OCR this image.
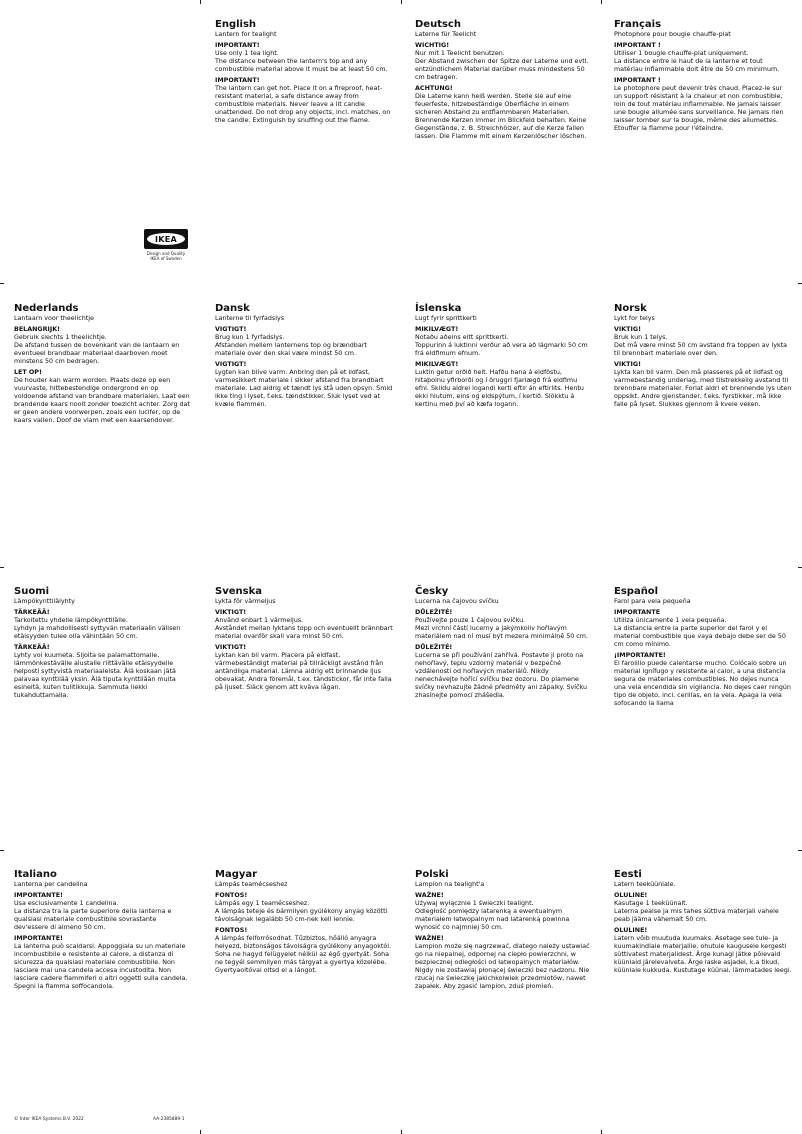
IKEA
Design and Quality
IKEA of Sweden
English
Lantern for tealight
IMPORTANT!
Use only 1 tea light.
The distance between the lantern's top and any combustible material above it must be at least 50 cm.
IMPORTANT!
The lantern can get hot. Place it on a fireproof, heat-resistant material, a safe distance away from combustible materials. Never leave a lit candle unattended. Do not drop any objects, incl. matches, on the candle. Extinguish by snuffing out the flame.
Deutsch
Laterne für Teelicht
WICHTIG!
Nur mit 1 Teelicht benutzen.
Der Abstand zwischen der Spitze der Laterne und evtl. entzündlichem Material darüber muss mindestens 50 cm betragen.
ACHTUNG!
Die Laterne kann heiß werden. Stelle sie auf eine feuerfeste, hitzebeständige Oberfläche in einem sicheren Abstand zu entflammbaren Materialien. Brennende Kerzen immer im Blickfeld behalten. Keine Gegenstände, z. B. Streichhölzer, auf die Kerze fallen lassen. Die Flamme mit einem Kerzenlöscher löschen.
Français
Photophore pour bougie chauffe-plat
IMPORTANT !
Utiliser 1 bougie chauffe-plat uniquement.
La distance entre le haut de la lanterne et tout matériau inflammable doit être de 50 cm minimum.
IMPORTANT !
Le photophore peut devenir très chaud. Placez-le sur un support résistant à la chaleur et non combustible, loin de tout matériau inflammable. Ne jamais laisser une bougie allumée sans surveillance. Ne jamais rien laisser tomber sur la bougie, même des allumettes. Etouffer la flamme pour l'éteindre.
Nederlands
Lantaarn voor theelichtje
BELANGRIJK!
Gebruik slechts 1 theelichtje.
De afstand tussen de bovenkant van de lantaarn en eventueel brandbaar materiaal daarboven moet minstens 50 cm bedragen.
LET OP!
De houder kan warm worden. Plaats deze op een vuurvaste, hittebestendige ondergrond en op voldoende afstand van brandbare materialen. Laat een brandende kaars nooit zonder toezicht achter. Zorg dat er geen andere voorwerpen, zoals een lucifer, op de kaars vallen. Doof de vlam met een kaarsendover.
Dansk
Lanterne til fyrfadslys
VIGTIGT!
Brug kun 1 fyrfadslys.
Afstanden mellem lanternens top og brændbart materiale over den skal være mindst 50 cm.
VIGTIGT!
Lygten kan blive varm. Anbring den på et ildfast, varmesikkert materiale i sikker afstand fra brandbart materiale. Lad aldrig et tændt lys stå uden opsyn. Smid ikke ting i lyset, f.eks. tændstikker. Sluk lyset ved at kvæle flammen.
Íslenska
Lugt fyrir sprittkerti
MIKILVÆGT!
Notaðu aðeins eitt sprittkerti.
Toppurinn á luktinni verður að vera að lágmarki 50 cm frá eldfimum efnum.
MIKILVÆGT!
Luktin getur orðið heit. Hafðu hana á eldföstu, hitaþolnu yfirborði og í öruggri fjarlægð frá eldfimu efni. Skildu aldrei logandi kerti eftir án eftirlits. Hentu ekki hlutum, eins og eldspýtum, í kertið. Slökktu á kertinu með því að kæfa logann.
Norsk
Lykt for telys
VIKTIG!
Bruk kun 1 telys.
Det må være minst 50 cm avstand fra toppen av lykta til brennbart materiale over den.
VIKTIG!
Lykta kan bli varm. Den må plasseres på et ildfast og varmebestandig underlag, med tilstrekkelig avstand til brennbare materialer. Forlat aldri et brennende lys uten oppsikt. Andre gjenstander, f.eks. fyrstikker, må ikke falle på lyset. Slukkes gjennom å kvele veken.
Suomi
Lämpökynttilälyhty
TÄRKEÄÄ!
Tarkoitettu yhdelle lämpökynttilälle.
Lyhdyn ja mahdollisesti syttyvän materiaalin välisen etäisyyden tulee olla vähintään 50 cm.
TÄRKEÄÄ!
Lyhty voi kuumeta. Sijoita se palamattomalle, lämmönkestävälle alustalle riittävälle etäisyydelle helposti syttyvistä materiaaleista. Älä koskaan jätä palavaa kynttilää yksin. Älä tiputa kynttilään muita esineitä, kuten tulitikkuja. Sammuta liekki tukahduttamalla.
Svenska
Lykta för värmeljus
VIKTIGT!
Använd enbart 1 värmeljus.
Avståndet mellan lyktans topp och eventuellt brännbart material ovanför skall vara minst 50 cm.
VIKTIGT!
Lyktan kan bli varm. Placera på eldfast, värmebeständigt material på tillräckligt avstånd från antändliga material. Lämna aldrig ett brinnande ljus obevakat. Andra föremål, t.ex. tändstickor, får inte falla på ljuset. Släck genom att kväva lågan.
Česky
Lucerna na čajovou svíčku
DŮLEŽITÉ!
Používejte pouze 1 čajovou svíčku.
Mezi vrchní částí lucerny a jakýmkoliv hořlavým materiálem nad ní musí být mezera minimálně 50 cm.
DŮLEŽITÉ!
Lucerna se při používání zahřívá. Postavte ji proto na nehořlavý, teplu vzdorný materiál v bezpečné vzdálenosti od hořlavých materiálů. Nikdy nenechávejte hořící svíčku bez dozoru. Do plamene svíčky nevhazujte žádné předměty ani zápalky. Svíčku zhasínejte pomocí zhášedla.
Español
Farol para vela pequeña
IMPORTANTE
Utiliza únicamente 1 vela pequeña.
La distancia entre la parte superior del farol y el material combustible que vaya debajo debe ser de 50 cm como mínimo.
¡IMPORTANTE!
El farolillo puede calentarse mucho. Colócalo sobre un material ignífugo y resistente al calor, a una distancia segura de materiales combustibles. No dejes nunca una vela encendida sin vigilancia. No dejes caer ningún tipo de objeto, incl. cerillas, en la vela. Apaga la vela sofocando la llama
Italiano
Lanterna per candelina
IMPORTANTE!
Usa esclusivamente 1 candelina.
La distanza tra la parte superiore della lanterna e qualsiasi materiale combustibile sovrastante dev'essere di almeno 50 cm.
IMPORTANTE!
La lanterna può scaldarsi. Appoggiala su un materiale incombustibile e resistente al calore, a distanza di sicurezza da qualsiasi materiale combustibile. Non lasciare mai una candela accesa incustodita. Non lasciare cadere fiammiferi o altri oggetti sulla candela. Spegni la fiamma soffocandola.
Magyar
Lámpás teamécseshez
FONTOS!
Lámpás egy 1 teamécseshez.
A lámpás teteje és bármilyen gyúlékony anyag közötti távolságnak legalább 50 cm-nek kell lennie.
FONTOS!
A lámpás felforrósodhat. Tűzbiztos, hőálló anyagra helyezd, biztonságos távolságra gyúlékony anyagoktól. Soha ne hagyd felügyelet nélkül az égő gyertyát. Soha ne tegyél semmilyen más tárgyat a gyertya közelébe. Gyertyaoltóval oltsd el a lángot.
Polski
Lampion na tealight'a
WAŻNE!
Używaj wyłącznie 1 świeczki tealight.
Odległość pomiędzy latarenką a ewentualnym materiałem łatwopalnym nad latarenką powinna wynosić co najmniej 50 cm.
WAŻNE!
Lampion może się nagrzewać, dlatego należy ustawiać go na niepalnej, odpornej na ciepło powierzchni, w bezpiecznej odległości od łatwopalnych materiałów. Nigdy nie zostawiaj płonącej świeczki bez nadzoru. Nie rzucaj na świeczkę jakichkolwiek przedmiotów, nawet zapałek. Aby zgasić lampion, zduś płomień.
Eesti
Latern teeküünlale.
OLULINE!
Kasutage 1 teeküünalt.
Laterna pealse ja mis tahes süttiva materjali vahele peab jääma vähemalt 50 cm.
OLULINE!
Latern võib muutuda kuumaks. Asetage see tule- ja kuumakindlale materjalile, ohutule kaugusele kergesti süttivatest materjalidest. Ärge kunagi jätke põlevaid küünlaid järelevalveta. Ärge laske asjadel, k.a tikud, küünlale kukkuda. Kustutage küünal, lämmatades leegi.
© Inter IKEA Systems B.V. 2022	AA-2385889-1
